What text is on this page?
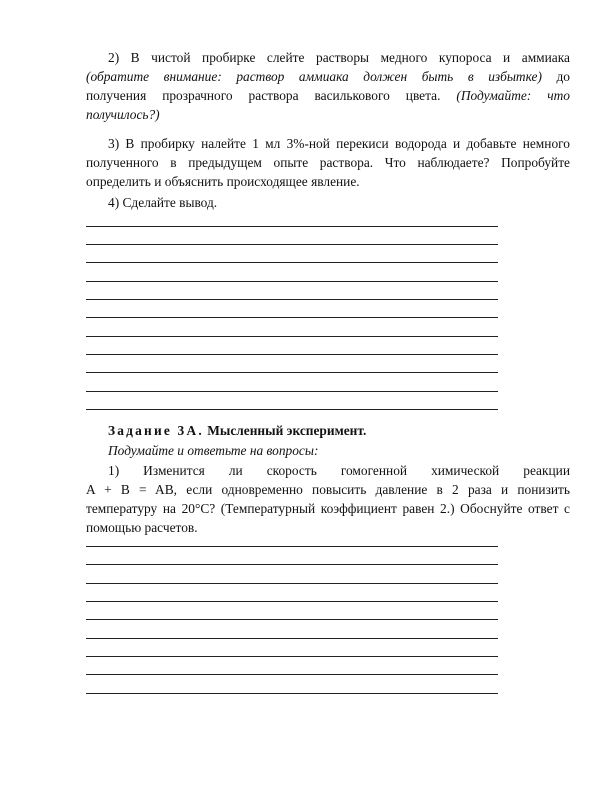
2) В чистой пробирке слейте растворы медного купороса и аммиака
(обратите внимание: раствор аммиака должен быть в избытке) до
получения прозрачного раствора василькового цвета. (Подумайте: что
получилось?)
3) В пробирку налейте 1 мл 3%-ной перекиси водорода и добавьте немного
полученного в предыдущем опыте раствора. Что наблюдаете? Попробуйте
определить и объяснить происходящее явление.
4) Сделайте вывод.
Задание 3А. Мысленный эксперимент.
Подумайте и ответьте на вопросы:
1) Изменится ли скорость гомогенной химической реакции
A + B = AB, если одновременно повысить давление в 2 раза и понизить
температуру на 20°C? (Температурный коэффициент равен 2.) Обоснуйте ответ с
помощью расчетов.
